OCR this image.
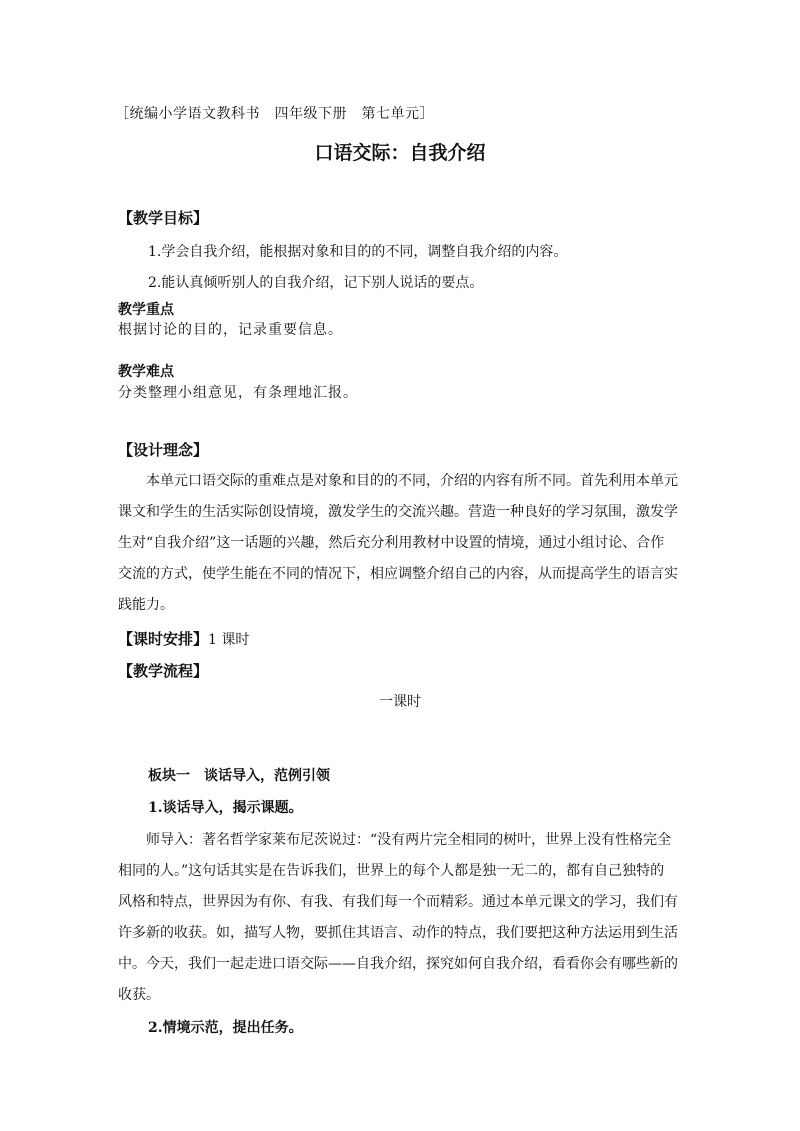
［统编小学语文教科书　四年级下册　第七单元］
口语交际：自我介绍
【教学目标】
1.学会自我介绍，能根据对象和目的的不同，调整自我介绍的内容。
2.能认真倾听别人的自我介绍，记下别人说话的要点。
教学重点
根据讨论的目的，记录重要信息。
教学难点
分类整理小组意见，有条理地汇报。
【设计理念】
本单元口语交际的重难点是对象和目的的不同，介绍的内容有所不同。首先利用本单元
课文和学生的生活实际创设情境，激发学生的交流兴趣。营造一种良好的学习氛围，激发学
生对“自我介绍”这一话题的兴趣，然后充分利用教材中设置的情境，通过小组讨论、合作
交流的方式，使学生能在不同的情况下，相应调整介绍自己的内容，从而提高学生的语言实
践能力。
【课时安排】1 课时
【教学流程】
一课时
板块一　谈话导入，范例引领
1.谈话导入，揭示课题。
师导入：著名哲学家莱布尼茨说过：“没有两片完全相同的树叶，世界上没有性格完全
相同的人。”这句话其实是在告诉我们，世界上的每个人都是独一无二的，都有自己独特的
风格和特点，世界因为有你、有我、有我们每一个而精彩。通过本单元课文的学习，我们有
许多新的收获。如，描写人物，要抓住其语言、动作的特点，我们要把这种方法运用到生活
中。今天，我们一起走进口语交际——自我介绍，探究如何自我介绍，看看你会有哪些新的
收获。
2.情境示范，提出任务。
